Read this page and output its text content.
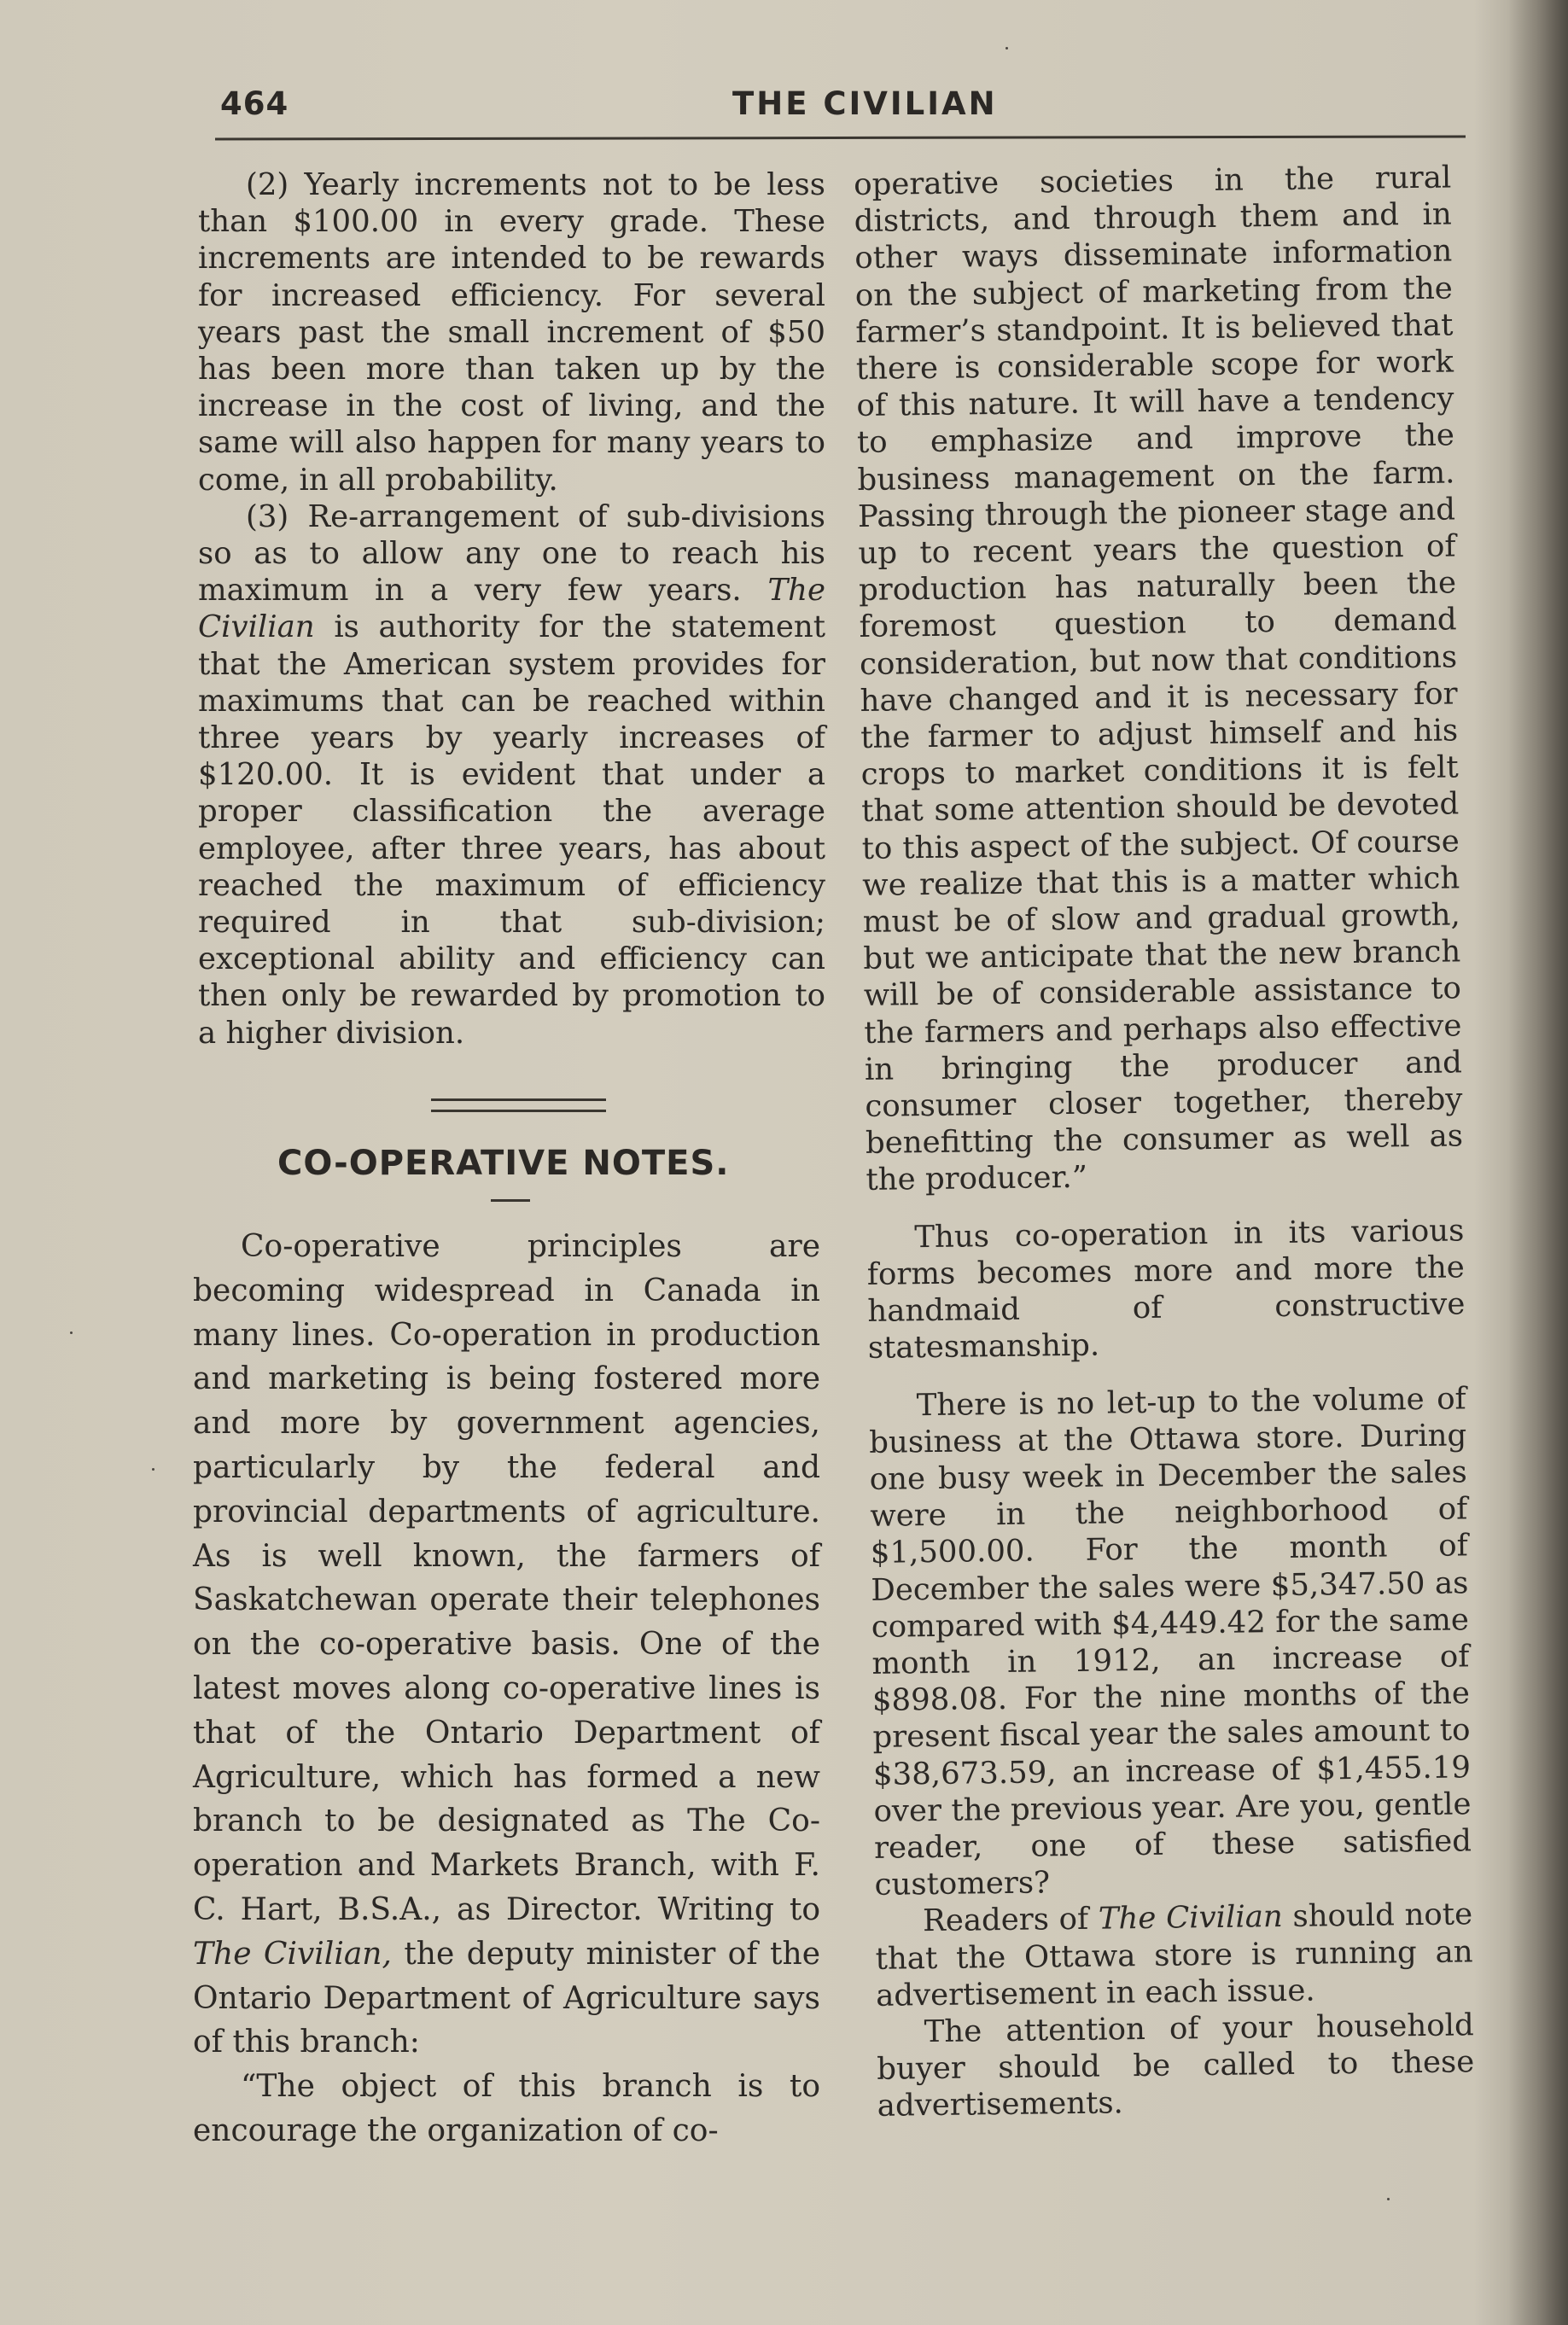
464	THE CIVILIAN

(2) Yearly increments not to be less than $100.00 in every grade. These increments are intended to be rewards for increased efficiency. For several years past the small increment of $50 has been more than taken up by the increase in the cost of living, and the same will also happen for many years to come, in all probability.

(3) Re-arrangement of sub-divisions so as to allow any one to reach his maximum in a very few years. The Civilian is authority for the statement that the American system provides for maximums that can be reached within three years by yearly increases of $120.00. It is evident that under a proper classification the average employee, after three years, has about reached the maximum of efficiency required in that sub-division; exceptional ability and efficiency can then only be rewarded by promotion to a higher division.

CO-OPERATIVE NOTES.

Co-operative principles are becoming widespread in Canada in many lines. Co-operation in production and marketing is being fostered more and more by government agencies, particularly by the federal and provincial departments of agriculture. As is well known, the farmers of Saskatchewan operate their telephones on the co-operative basis. One of the latest moves along co-operative lines is that of the Ontario Department of Agriculture, which has formed a new branch to be designated as The Co-operation and Markets Branch, with F. C. Hart, B.S.A., as Director. Writing to The Civilian, the deputy minister of the Ontario Department of Agriculture says of this branch:

“The object of this branch is to encourage the organization of co-

operative societies in the rural districts, and through them and in other ways disseminate information on the subject of marketing from the farmer’s standpoint. It is believed that there is considerable scope for work of this nature. It will have a tendency to emphasize and improve the business management on the farm. Passing through the pioneer stage and up to recent years the question of production has naturally been the foremost question to demand consideration, but now that conditions have changed and it is necessary for the farmer to adjust himself and his crops to market conditions it is felt that some attention should be devoted to this aspect of the subject. Of course we realize that this is a matter which must be of slow and gradual growth, but we anticipate that the new branch will be of considerable assistance to the farmers and perhaps also effective in bringing the producer and consumer closer together, thereby benefitting the consumer as well as the producer.”

Thus co-operation in its various forms becomes more and more the handmaid of constructive statesmanship.

There is no let-up to the volume of business at the Ottawa store. During one busy week in December the sales were in the neighborhood of $1,500.00. For the month of December the sales were $5,347.50 as compared with $4,449.42 for the same month in 1912, an increase of $898.08. For the nine months of the present fiscal year the sales amount to $38,673.59, an increase of $1,455.19 over the previous year. Are you, gentle reader, one of these satisfied customers?

Readers of The Civilian should note that the Ottawa store is running an advertisement in each issue.

The attention of your household buyer should be called to these advertisements.
